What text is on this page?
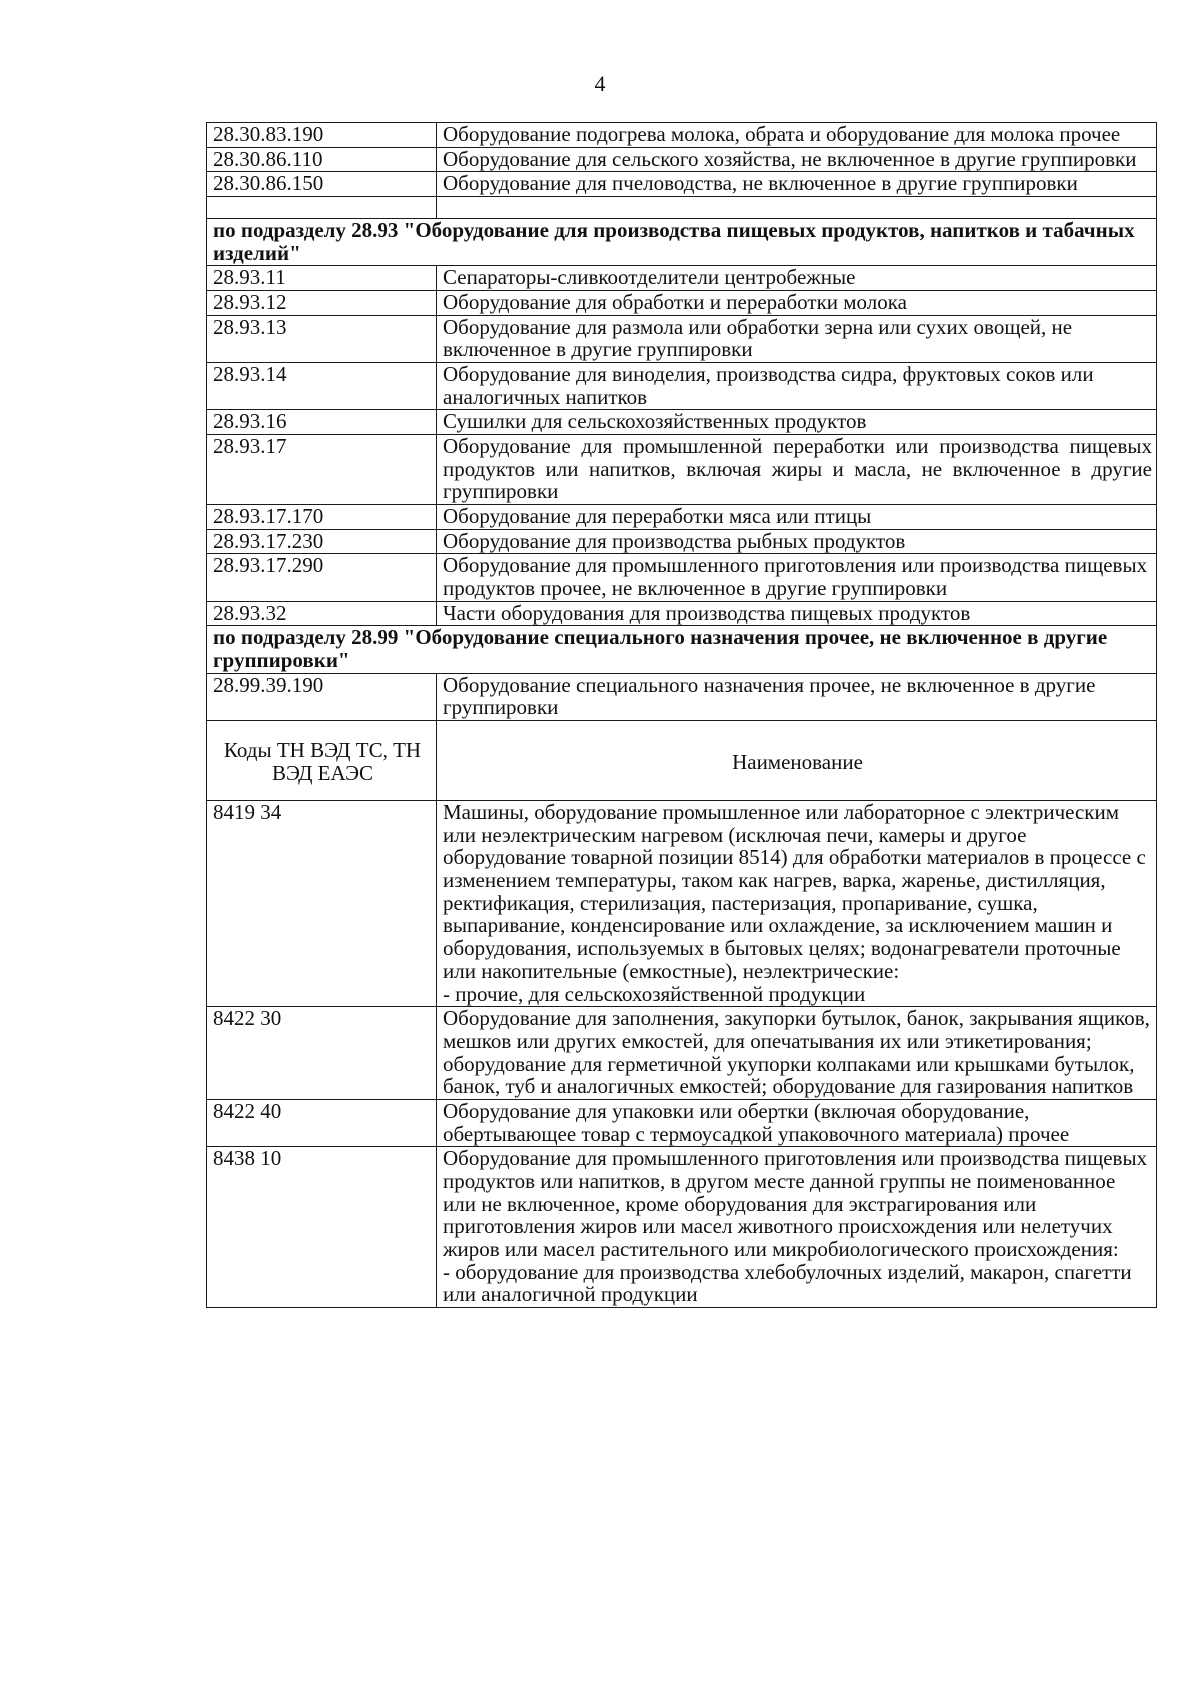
4
28.30.83.190	Оборудование подогрева молока, обрата и оборудование для молока прочее
28.30.86.110	Оборудование для сельского хозяйства, не включенное в другие группировки
28.30.86.150	Оборудование для пчеловодства, не включенное в другие группировки

по подразделу 28.93 "Оборудование для производства пищевых продуктов, напитков и табачных изделий"	
28.93.11	Сепараторы-сливкоотделители центробежные
28.93.12	Оборудование для обработки и переработки молока
28.93.13	Оборудование для размола или обработки зерна или сухих овощей, не включенное в другие группировки
28.93.14	Оборудование для виноделия, производства сидра, фруктовых соков или аналогичных напитков
28.93.16	Сушилки для сельскохозяйственных продуктов
28.93.17	Оборудование для промышленной переработки или производства пищевых продуктов или напитков, включая жиры и масла, не включенное в другие группировки
28.93.17.170	Оборудование для переработки мяса или птицы
28.93.17.230	Оборудование для производства рыбных продуктов
28.93.17.290	Оборудование для промышленного приготовления или производства пищевых продуктов прочее, не включенное в другие группировки
28.93.32	Части оборудования для производства пищевых продуктов
по подразделу 28.99 "Оборудование специального назначения прочее, не включенное в другие группировки"	
28.99.39.190	Оборудование специального назначения прочее, не включенное в другие группировки
Коды ТН ВЭД ТС, ТН ВЭД ЕАЭС	Наименование
8419 34	Машины, оборудование промышленное или лабораторное с электрическим или неэлектрическим нагревом (исключая печи, камеры и другое оборудование товарной позиции 8514) для обработки материалов в процессе с изменением температуры, таком как нагрев, варка, жаренье, дистилляция, ректификация, стерилизация, пастеризация, пропаривание, сушка, выпаривание, конденсирование или охлаждение, за исключением машин и оборудования, используемых в бытовых целях; водонагреватели проточные или накопительные (емкостные), неэлектрические:
- прочие, для сельскохозяйственной продукции

8422 30	Оборудование для заполнения, закупорки бутылок, банок, закрывания ящиков, мешков или других емкостей, для опечатывания их или этикетирования; оборудование для герметичной укупорки колпаками или крышками бутылок, банок, туб и аналогичных емкостей; оборудование для газирования напитков
8422 40	Оборудование для упаковки или обертки (включая оборудование, обертывающее товар с термоусадкой упаковочного материала) прочее
8438 10	Оборудование для промышленного приготовления или производства пищевых продуктов или напитков, в другом месте данной группы не поименованное или не включенное, кроме оборудования для экстрагирования или приготовления жиров или масел животного происхождения или нелетучих жиров или масел растительного или микробиологического происхождения:
- оборудование для производства хлебобулочных изделий, макарон, спагетти или аналогичной продукции
